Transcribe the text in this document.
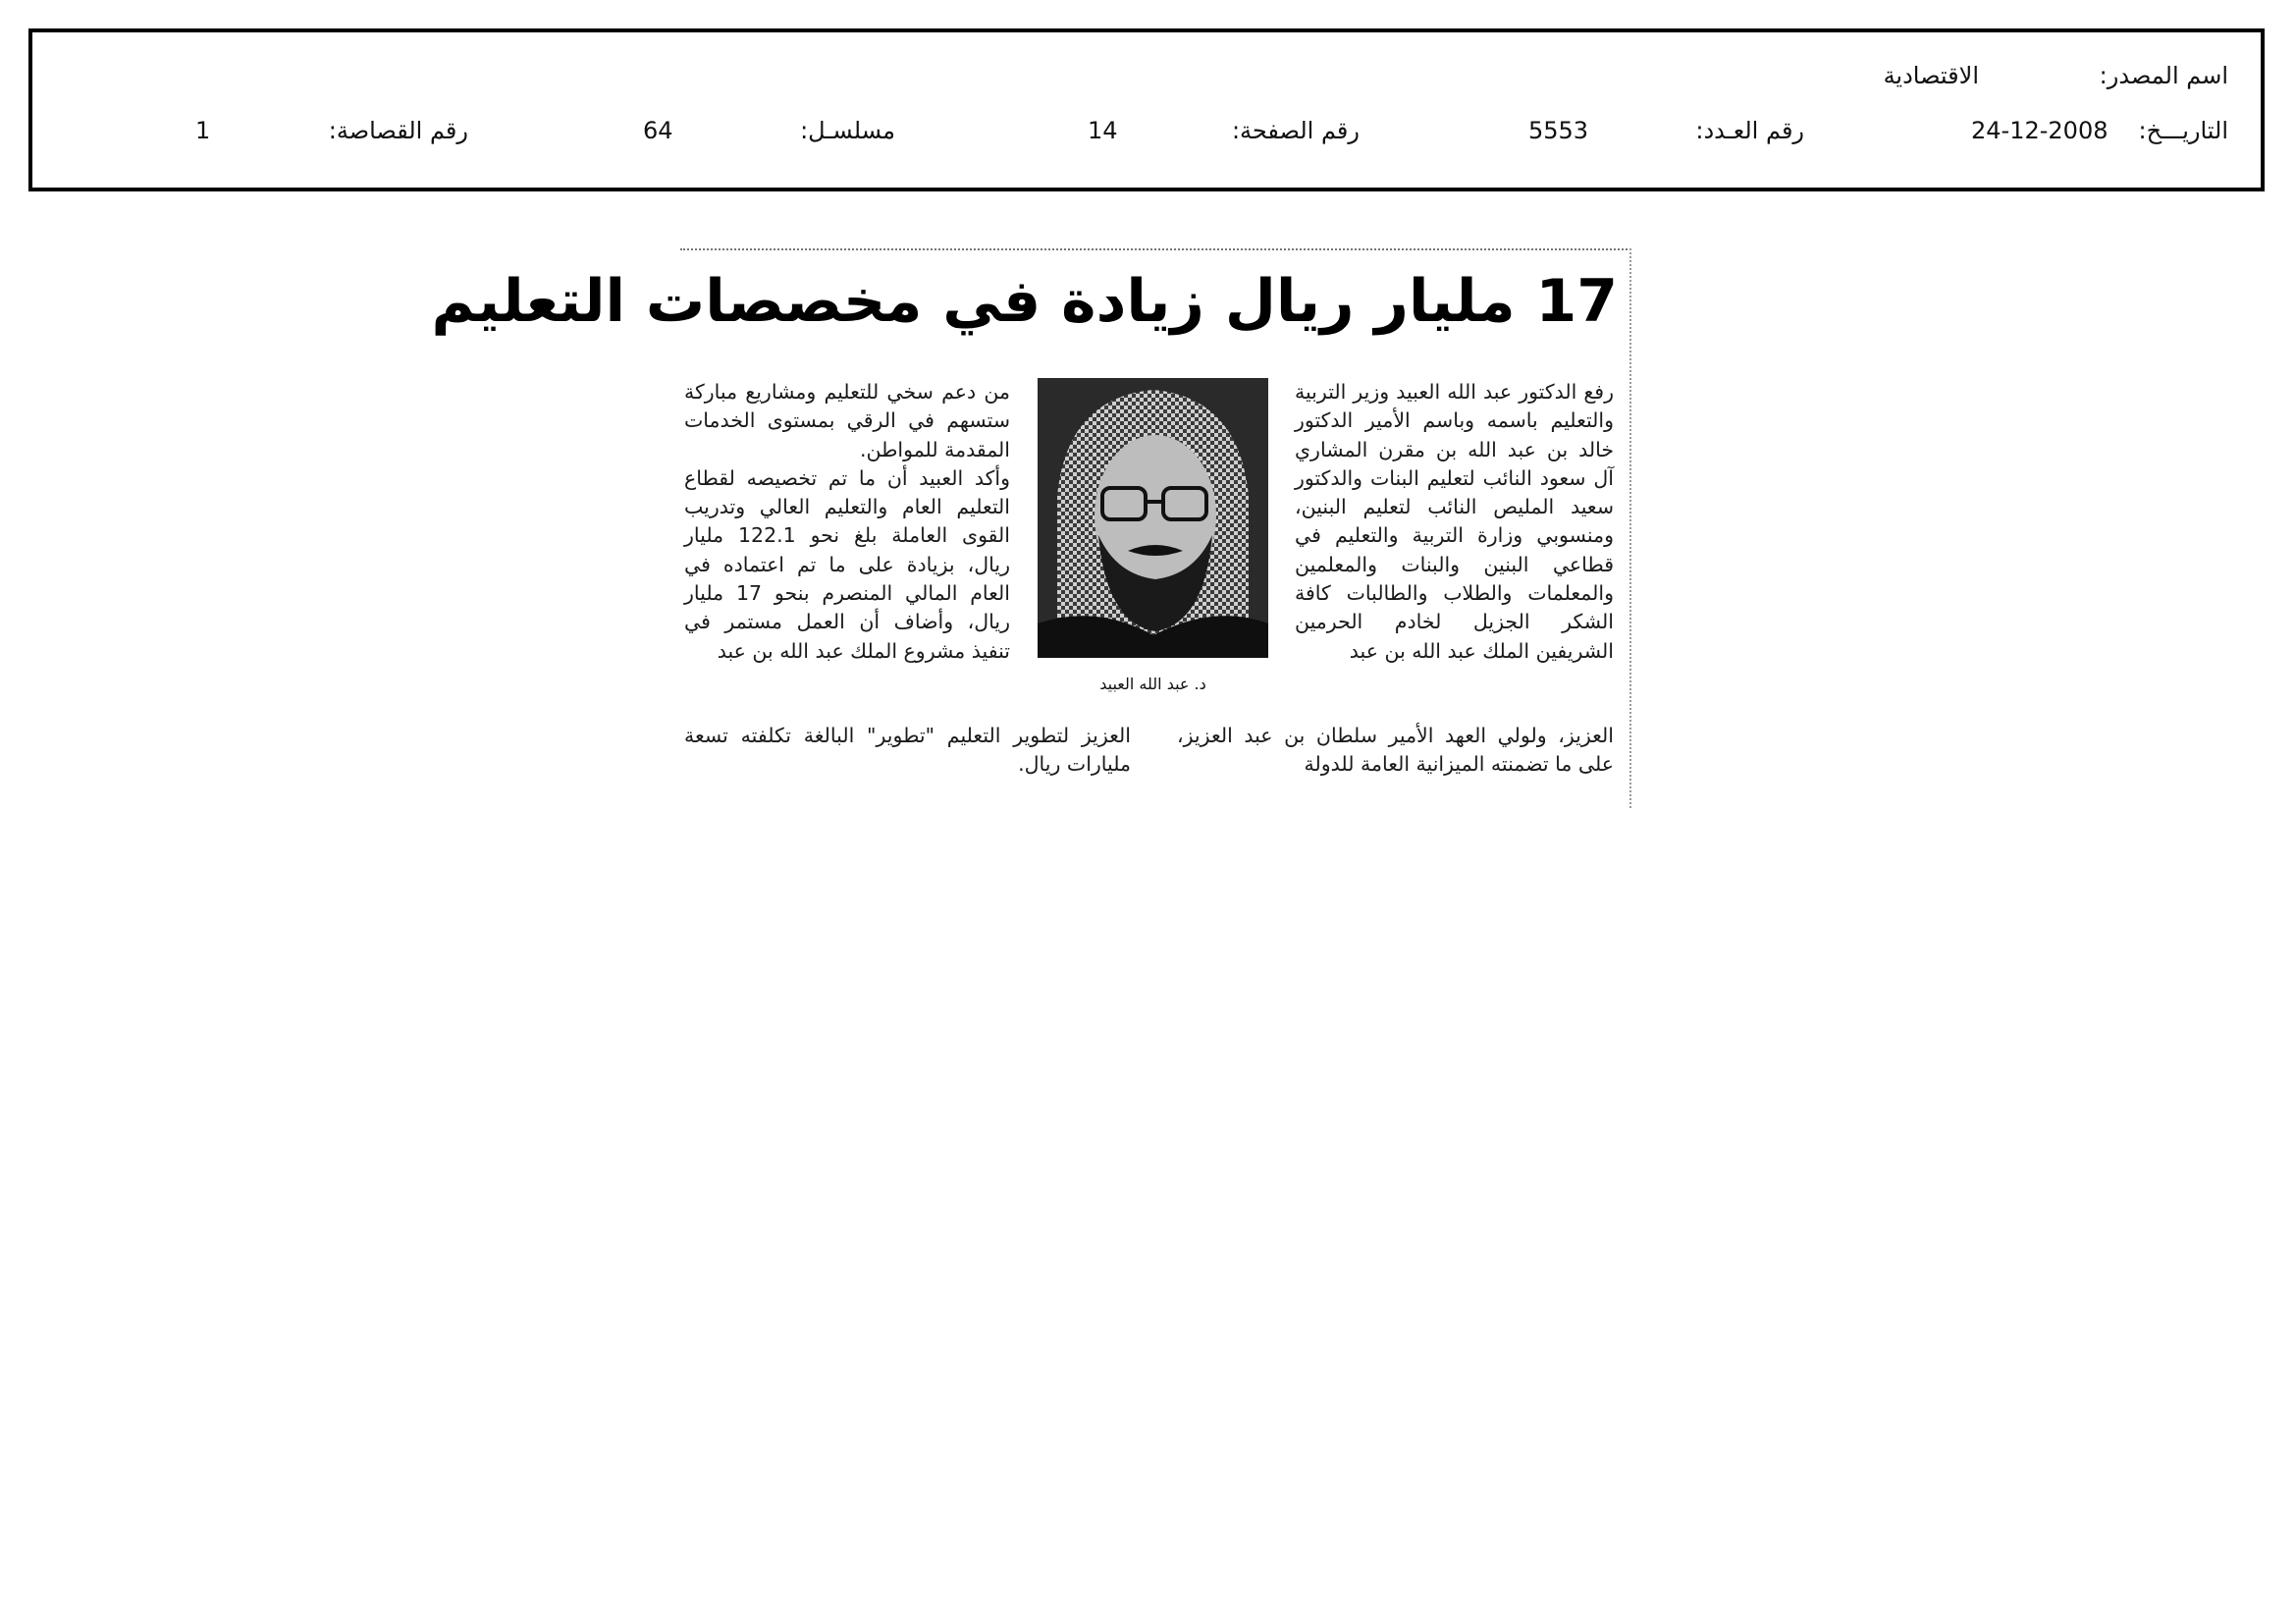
اسم المصدر:
الاقتصادية
التاريـــخ:
24-12-2008
رقم العـدد:
5553
رقم الصفحة:
14
مسلسـل:
64
رقم القصاصة:
1
17 مليار ريال زيادة في مخصصات التعليم

رفع الدكتور عبد الله العبيد وزير التربية والتعليم باسمه وباسم الأمير الدكتور خالد بن عبد الله بن مقرن المشاري آل سعود النائب لتعليم البنات والدكتور سعيد المليص النائب لتعليم البنين، ومنسوبي وزارة التربية والتعليم في قطاعي البنين والبنات والمعلمين والمعلمات والطلاب والطالبات كافة الشكر الجزيل لخادم الحرمين الشريفين الملك عبد الله بن عبد

د. عبد الله العبيد

من دعم سخي للتعليم ومشاريع مباركة ستسهم في الرقي بمستوى الخدمات المقدمة للمواطن.

وأكد العبيد أن ما تم تخصيصه لقطاع التعليم العام والتعليم العالي وتدريب القوى العاملة بلغ نحو 122.1 مليار ريال، بزيادة على ما تم اعتماده في العام المالي المنصرم بنحو 17 مليار ريال، وأضاف أن العمل مستمر في تنفيذ مشروع الملك عبد الله بن عبد

العزيز، ولولي العهد الأمير سلطان بن عبد العزيز، على ما تضمنته الميزانية العامة للدولة
العزيز لتطوير التعليم "تطوير" البالغة تكلفته تسعة مليارات ريال.
